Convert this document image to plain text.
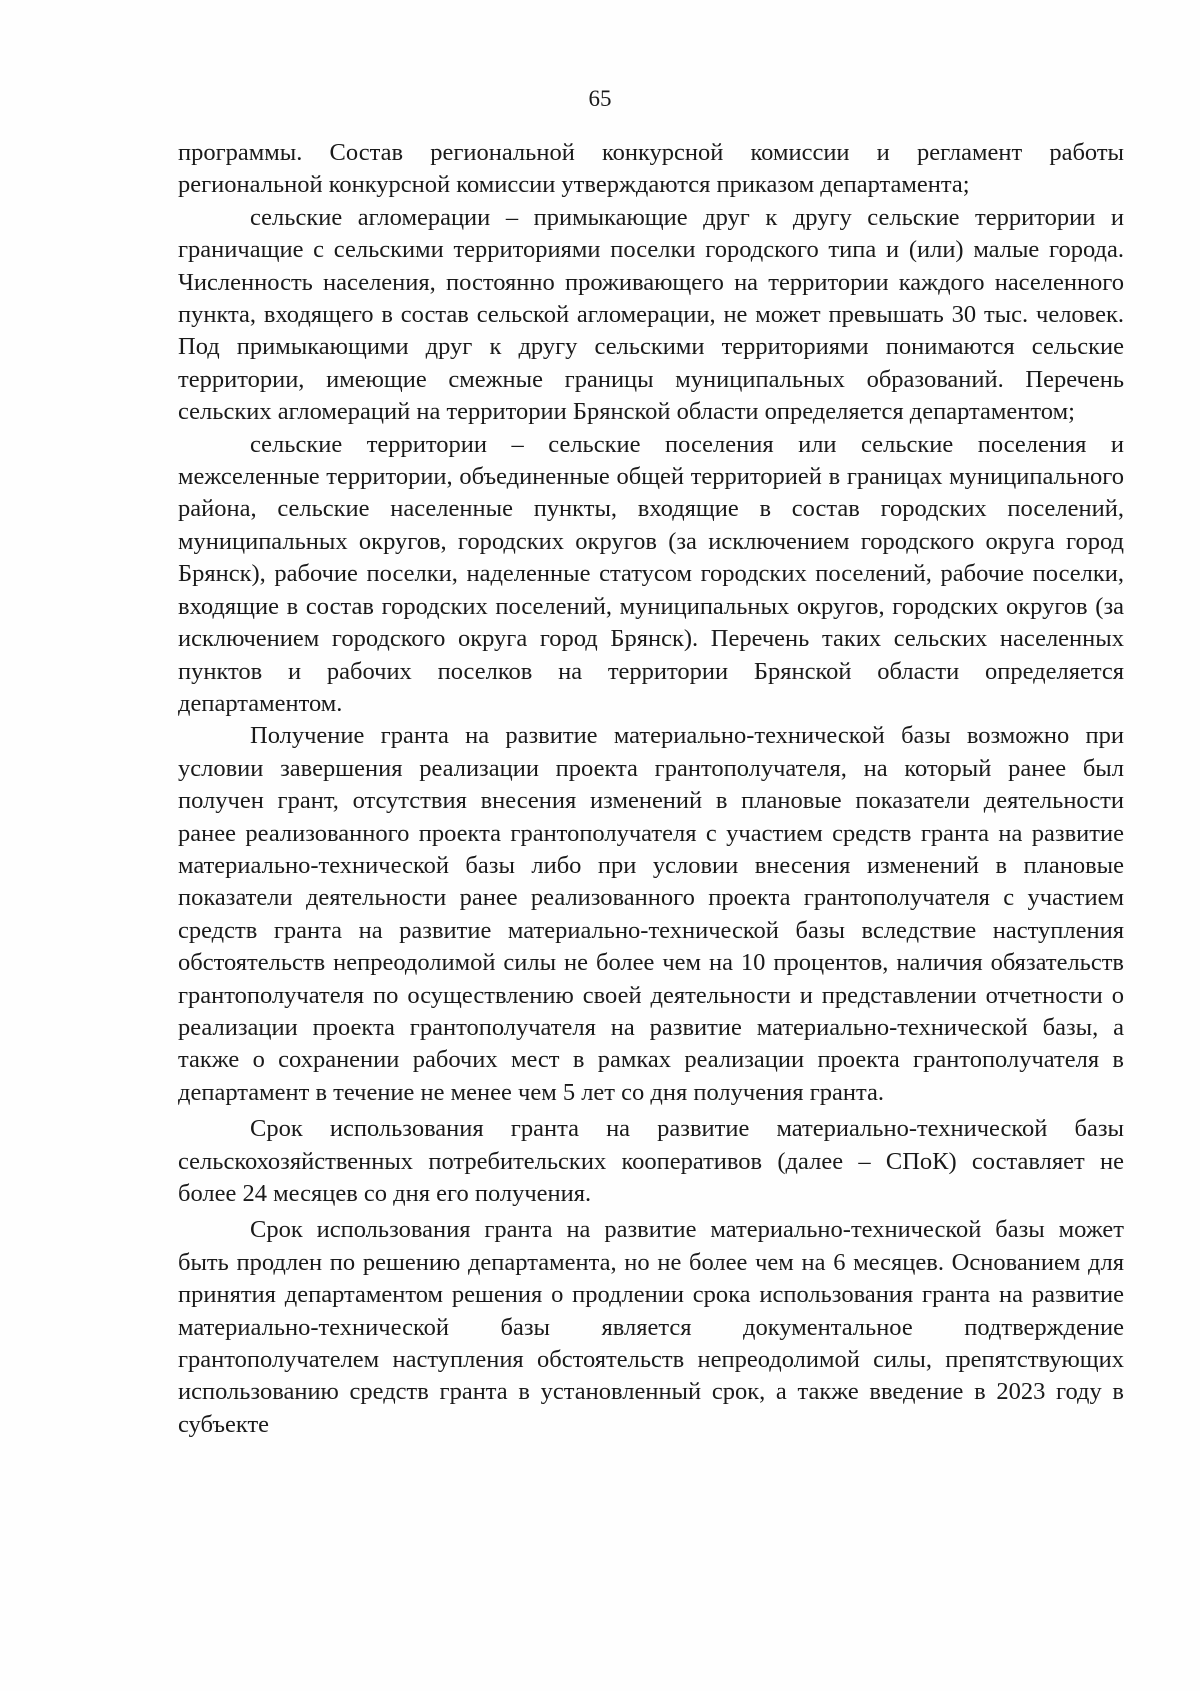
65

программы. Состав региональной конкурсной комиссии и регламент работы региональной конкурсной комиссии утверждаются приказом департамента;

сельские агломерации – примыкающие друг к другу сельские территории и граничащие с сельскими территориями поселки городского типа и (или) малые города. Численность населения, постоянно проживающего на территории каждого населенного пункта, входящего в состав сельской агломерации, не может превышать 30 тыс. человек. Под примыкающими друг к другу сельскими территориями понимаются сельские территории, имеющие смежные границы муниципальных образований. Перечень сельских агломераций на территории Брянской области определяется департаментом;

сельские территории – сельские поселения или сельские поселения и межселенные территории, объединенные общей территорией в границах муниципального района, сельские населенные пункты, входящие в состав городских поселений, муниципальных округов, городских округов (за исключением городского округа город Брянск), рабочие поселки, наделенные статусом городских поселений, рабочие поселки, входящие в состав городских поселений, муниципальных округов, городских округов (за исключением городского округа город Брянск). Перечень таких сельских населенных пунктов и рабочих поселков на территории Брянской области определяется департаментом.

Получение гранта на развитие материально-технической базы возможно при условии завершения реализации проекта грантополучателя, на который ранее был получен грант, отсутствия внесения изменений в плановые показатели деятельности ранее реализованного проекта грантополучателя с участием средств гранта на развитие материально-технической базы либо при условии внесения изменений в плановые показатели деятельности ранее реализованного проекта грантополучателя с участием средств гранта на развитие материально-технической базы вследствие наступления обстоятельств непреодолимой силы не более чем на 10 процентов, наличия обязательств грантополучателя по осуществлению своей деятельности и представлении отчетности о реализации проекта грантополучателя на развитие материально-технической базы, а также о сохранении рабочих мест в рамках реализации проекта грантополучателя в департамент в течение не менее чем 5 лет со дня получения гранта.

Срок использования гранта на развитие материально-технической базы сельскохозяйственных потребительских кооперативов (далее – СПоК) составляет не более 24 месяцев со дня его получения.

Срок использования гранта на развитие материально-технической базы может быть продлен по решению департамента, но не более чем на 6 месяцев. Основанием для принятия департаментом решения о продлении срока использования гранта на развитие материально-технической базы является документальное подтверждение грантополучателем наступления обстоятельств непреодолимой силы, препятствующих использованию средств гранта в установленный срок, а также введение в 2023 году в субъекте
